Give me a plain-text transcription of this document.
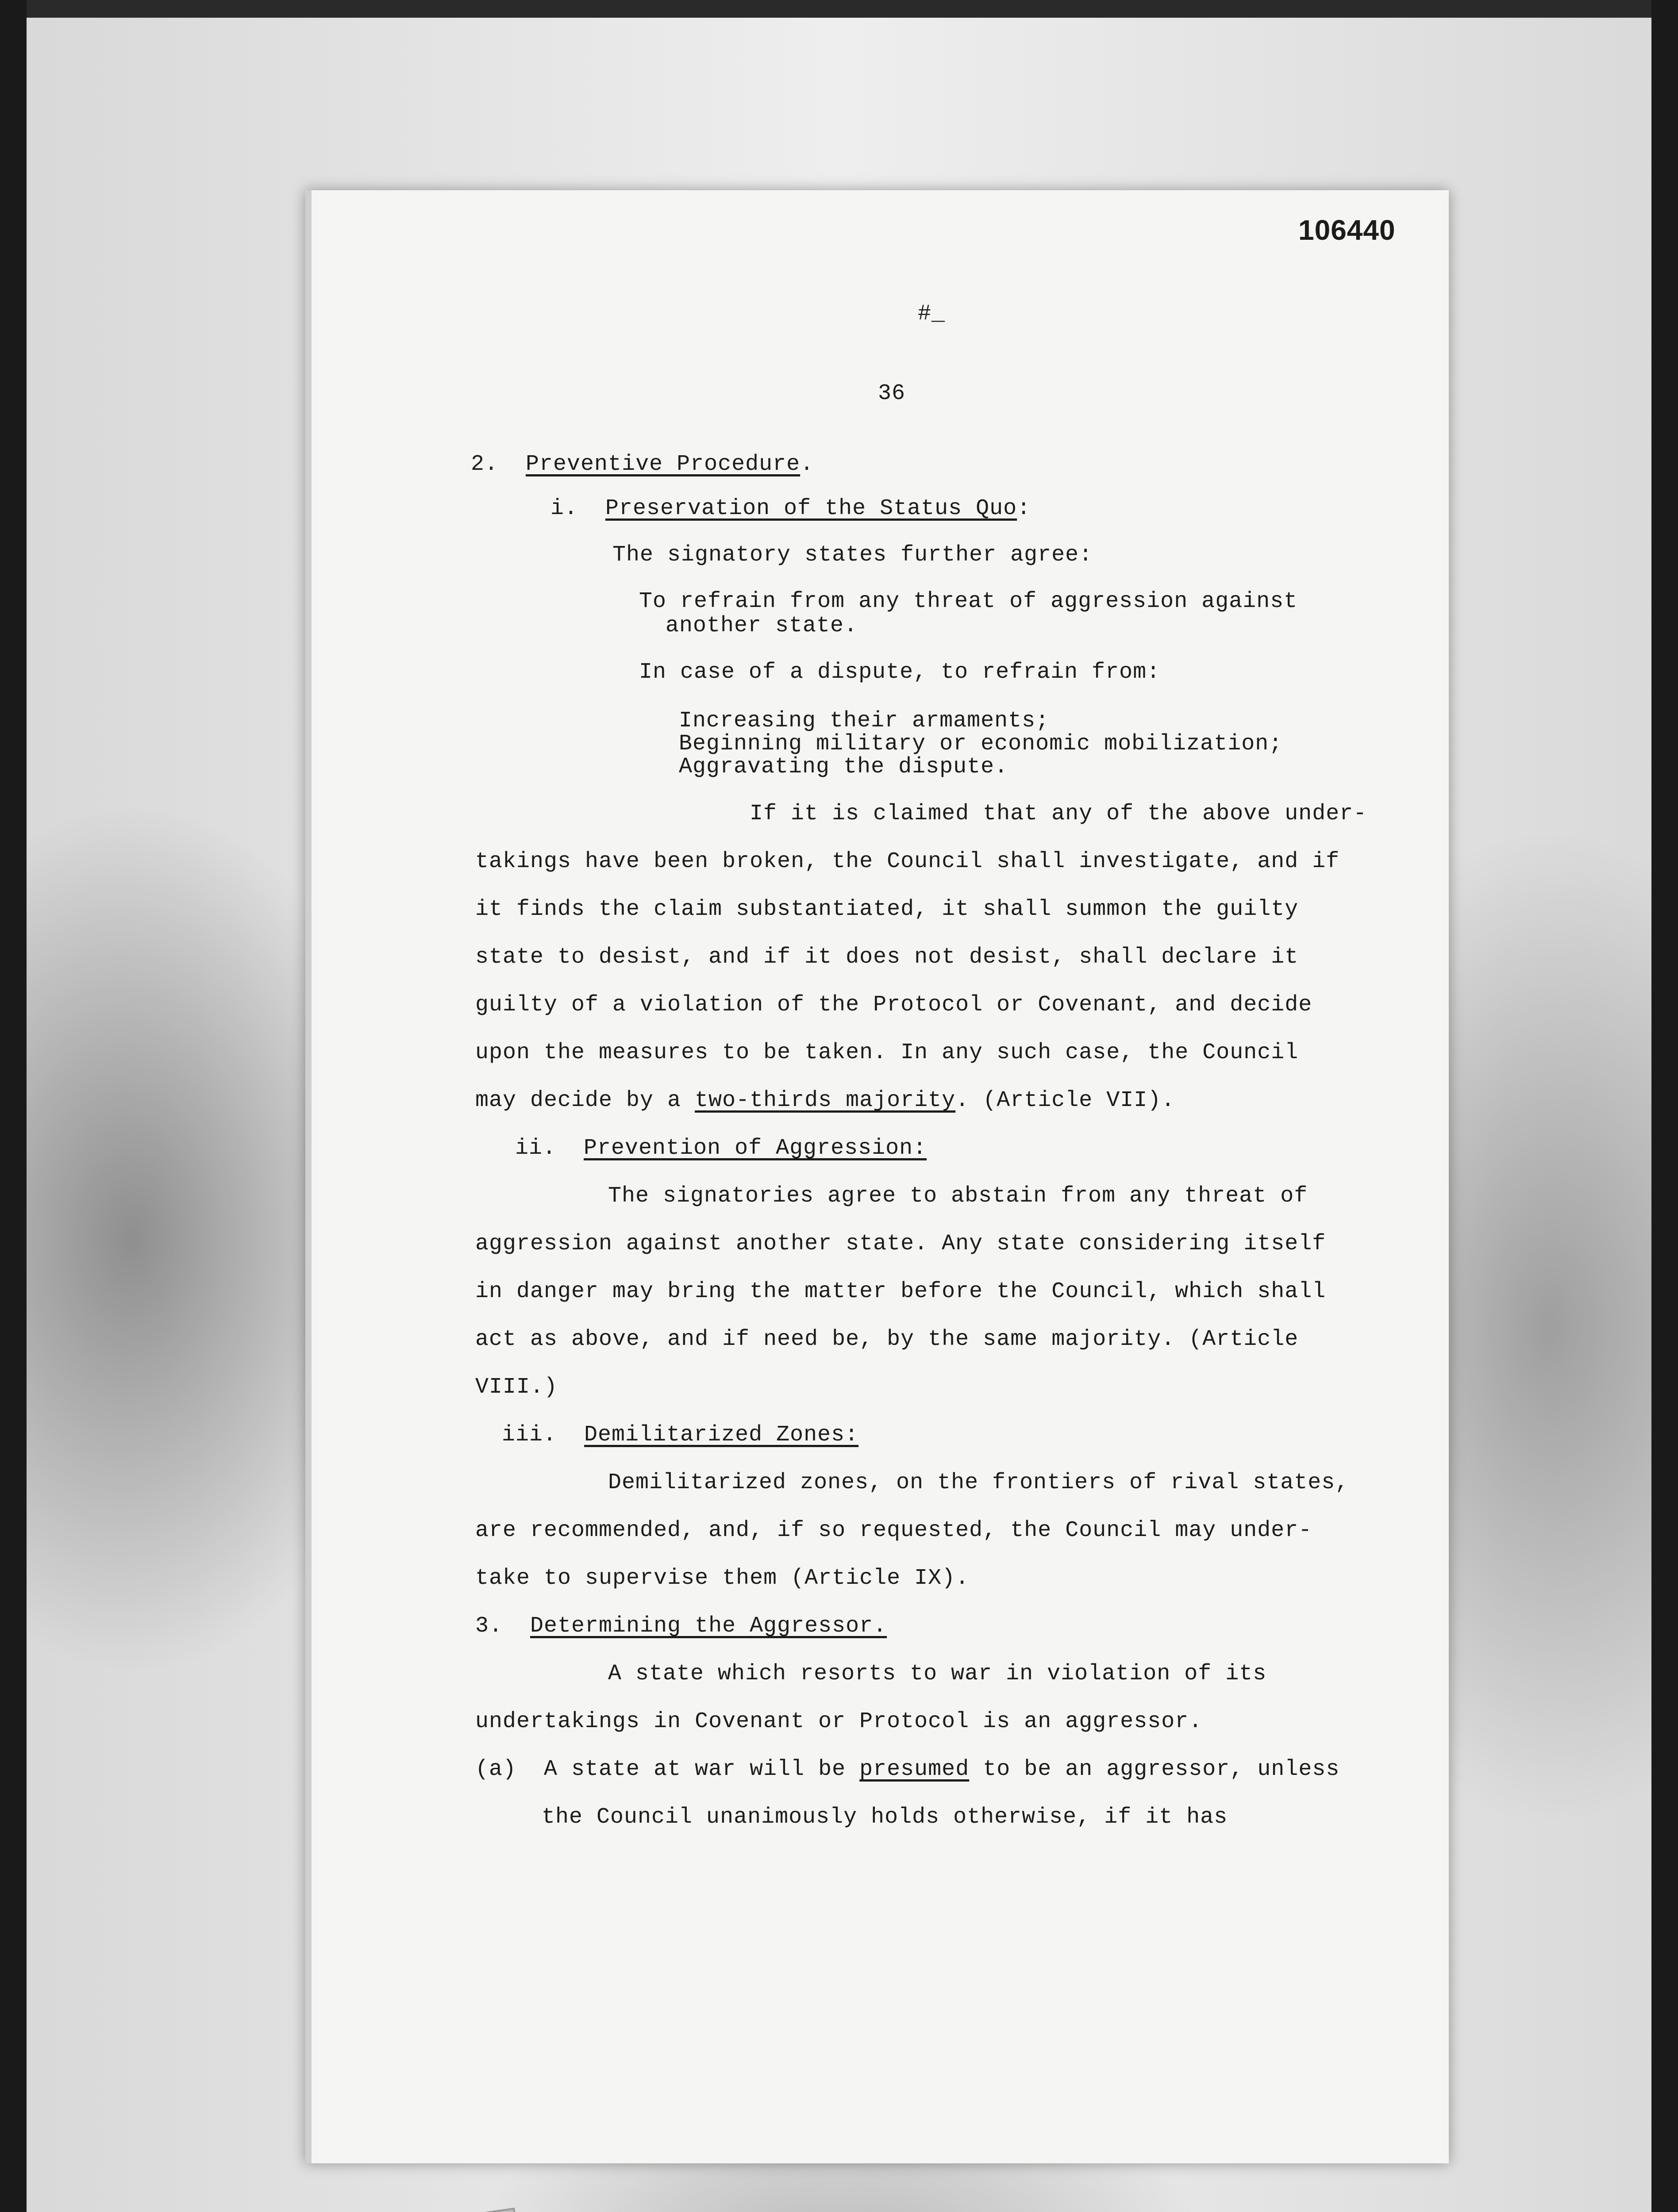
106440
#_
36
2. Preventive Procedure.
i. Preservation of the Status Quo:
The signatory states further agree:
To refrain from any threat of aggression against
another state.
In case of a dispute, to refrain from:
Increasing their armaments;
Beginning military or economic mobilization;
Aggravating the dispute.
If it is claimed that any of the above under-
takings have been broken, the Council shall investigate, and if
it finds the claim substantiated, it shall summon the guilty
state to desist, and if it does not desist, shall declare it
guilty of a violation of the Protocol or Covenant, and decide
upon the measures to be taken. In any such case, the Council
may decide by a two-thirds majority. (Article VII).
ii. Prevention of Aggression:
The signatories agree to abstain from any threat of
aggression against another state. Any state considering itself
in danger may bring the matter before the Council, which shall
act as above, and if need be, by the same majority. (Article
VIII.)
iii. Demilitarized Zones:
Demilitarized zones, on the frontiers of rival states,
are recommended, and, if so requested, the Council may under-
take to supervise them (Article IX).
3. Determining the Aggressor.
A state which resorts to war in violation of its
undertakings in Covenant or Protocol is an aggressor.
(a) A state at war will be presumed to be an aggressor, unless
the Council unanimously holds otherwise, if it has
